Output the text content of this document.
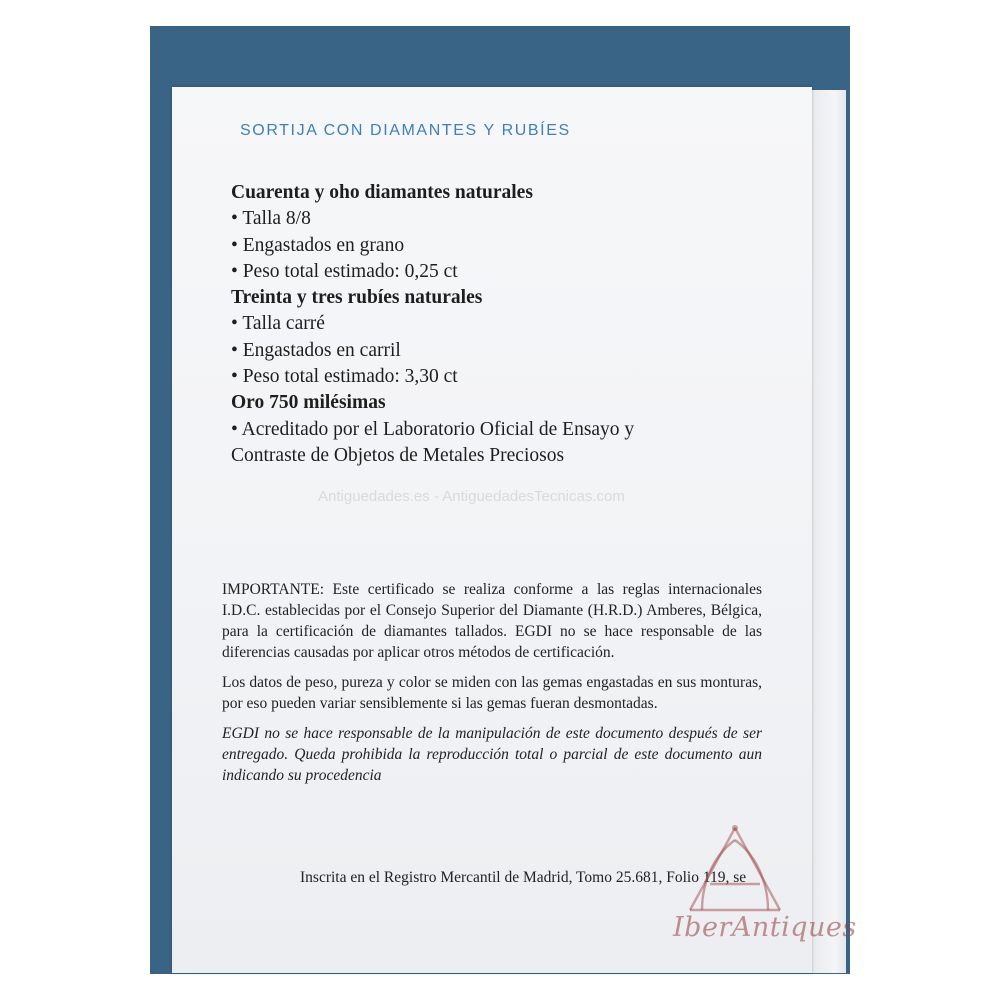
SORTIJA CON DIAMANTES Y RUBÍES
Cuarenta y oho diamantes naturales
• Talla 8/8
• Engastados en grano
• Peso total estimado: 0,25 ct
Treinta y tres rubíes naturales
• Talla carré
• Engastados en carril
• Peso total estimado: 3,30 ct
Oro 750 milésimas
• Acreditado por el Laboratorio Oficial de Ensayo y
Contraste de Objetos de Metales Preciosos
Antiguedades.es - AntiguedadesTecnicas.com

IMPORTANTE: Este certificado se realiza conforme a las reglas internacionales I.D.C. establecidas por el Consejo Superior del Diamante (H.R.D.) Amberes, Bélgica, para la certificación de diamantes tallados. EGDI no se hace responsable de las diferencias causadas por aplicar otros métodos de certificación.

Los datos de peso, pureza y color se miden con las gemas engastadas en sus monturas, por eso pueden variar sensiblemente si las gemas fueran desmontadas.

EGDI no se hace responsable de la manipulación de este documento después de ser entregado. Queda prohibida la reproducción total o parcial de este documento aun indicando su procedencia

Inscrita en el Registro Mercantil de Madrid, Tomo 25.681, Folio 119, se
IberAntiques
